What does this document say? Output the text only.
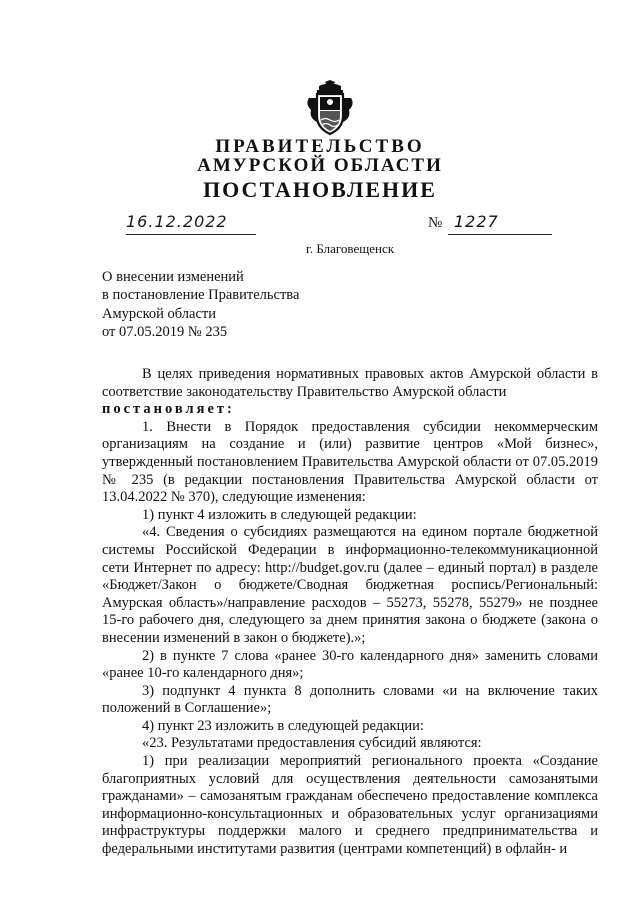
ПРАВИТЕЛЬСТВО
АМУРСКОЙ ОБЛАСТИ
ПОСТАНОВЛЕНИЕ
16.12.2022	№ 1227
г. Благовещенск
О внесении изменений
в постановление Правительства
Амурской области
от 07.05.2019 № 235

В целях приведения нормативных правовых актов Амурской области в соответствие законодательству Правительство Амурской области

постановляет:

1. Внести в Порядок предоставления субсидии некоммерческим организациям на создание и (или) развитие центров «Мой бизнес», утвержденный постановлением Правительства Амурской области от 07.05.2019 № 235 (в редакции постановления Правительства Амурской области от 13.04.2022 № 370), следующие изменения:

1) пункт 4 изложить в следующей редакции:

«4. Сведения о субсидиях размещаются на едином портале бюджетной системы Российской Федерации в информационно-телекоммуникационной сети Интернет по адресу: http://budget.gov.ru (далее – единый портал) в разделе «Бюджет/Закон о бюджете/Сводная бюджетная роспись/Региональный: Амурская область»/направление расходов – 55273, 55278, 55279» не позднее 15-го рабочего дня, следующего за днем принятия закона о бюджете (закона о внесении изменений в закон о бюджете).»;

2) в пункте 7 слова «ранее 30-го календарного дня» заменить словами «ранее 10-го календарного дня»;

3) подпункт 4 пункта 8 дополнить словами «и на включение таких положений в Соглашение»;

4) пункт 23 изложить в следующей редакции:

«23. Результатами предоставления субсидий являются:

1) при реализации мероприятий регионального проекта «Создание благоприятных условий для осуществления деятельности самозанятыми гражданами» – самозанятым гражданам обеспечено предоставление комплекса информационно-консультационных и образовательных услуг организациями инфраструктуры поддержки малого и среднего предпринимательства и федеральными институтами развития (центрами компетенций) в офлайн- и
